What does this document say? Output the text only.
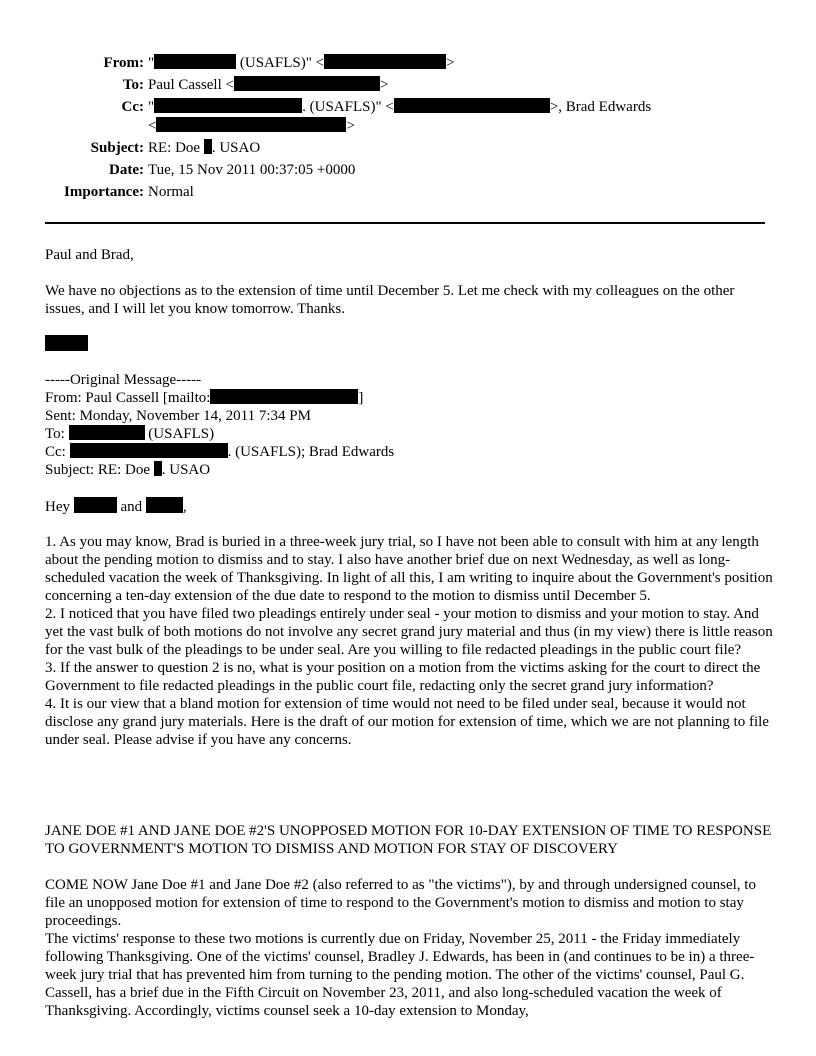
From: "	(USAFLS)" <	>
To: Paul Cassell <	>
Cc: "	. (USAFLS)" <	>, Brad Edwards
<	>
Subject: RE: Doe . USAO
Date: Tue, 15 Nov 2011 00:37:05 +0000
Importance: Normal
Paul and Brad,
We have no objections as to the extension of time until December 5. Let me check with my colleagues on the other issues, and I will let you know tomorrow. Thanks.
-----Original Message-----
From: Paul Cassell [mailto:	]
Sent: Monday, November 14, 2011 7:34 PM
To:	(USAFLS)
Cc:	. (USAFLS); Brad Edwards
Subject: RE: Doe . USAO
Hey	and	,

1. As you may know, Brad is buried in a three-week jury trial, so I have not been able to consult with him at any length about the pending motion to dismiss and to stay. I also have another brief due on next Wednesday, as well as long-scheduled vacation the week of Thanksgiving. In light of all this, I am writing to inquire about the Government's position concerning a ten-day extension of the due date to respond to the motion to dismiss until December 5.

2. I noticed that you have filed two pleadings entirely under seal - your motion to dismiss and your motion to stay. And yet the vast bulk of both motions do not involve any secret grand jury material and thus (in my view) there is little reason for the vast bulk of the pleadings to be under seal. Are you willing to file redacted pleadings in the public court file?

3. If the answer to question 2 is no, what is your position on a motion from the victims asking for the court to direct the Government to file redacted pleadings in the public court file, redacting only the secret grand jury information?

4. It is our view that a bland motion for extension of time would not need to be filed under seal, because it would not disclose any grand jury materials. Here is the draft of our motion for extension of time, which we are not planning to file under seal. Please advise if you have any concerns.

JANE DOE #1 AND JANE DOE #2'S UNOPPOSED MOTION FOR 10-DAY EXTENSION OF TIME TO RESPONSE TO GOVERNMENT'S MOTION TO DISMISS AND MOTION FOR STAY OF DISCOVERY

COME NOW Jane Doe #1 and Jane Doe #2 (also referred to as "the victims"), by and through undersigned counsel, to file an unopposed motion for extension of time to respond to the Government's motion to dismiss and motion to stay proceedings.

The victims' response to these two motions is currently due on Friday, November 25, 2011 - the Friday immediately following Thanksgiving. One of the victims' counsel, Bradley J. Edwards, has been in (and continues to be in) a three-week jury trial that has prevented him from turning to the pending motion. The other of the victims' counsel, Paul G. Cassell, has a brief due in the Fifth Circuit on November 23, 2011, and also long-scheduled vacation the week of Thanksgiving. Accordingly, victims counsel seek a 10-day extension to Monday,
